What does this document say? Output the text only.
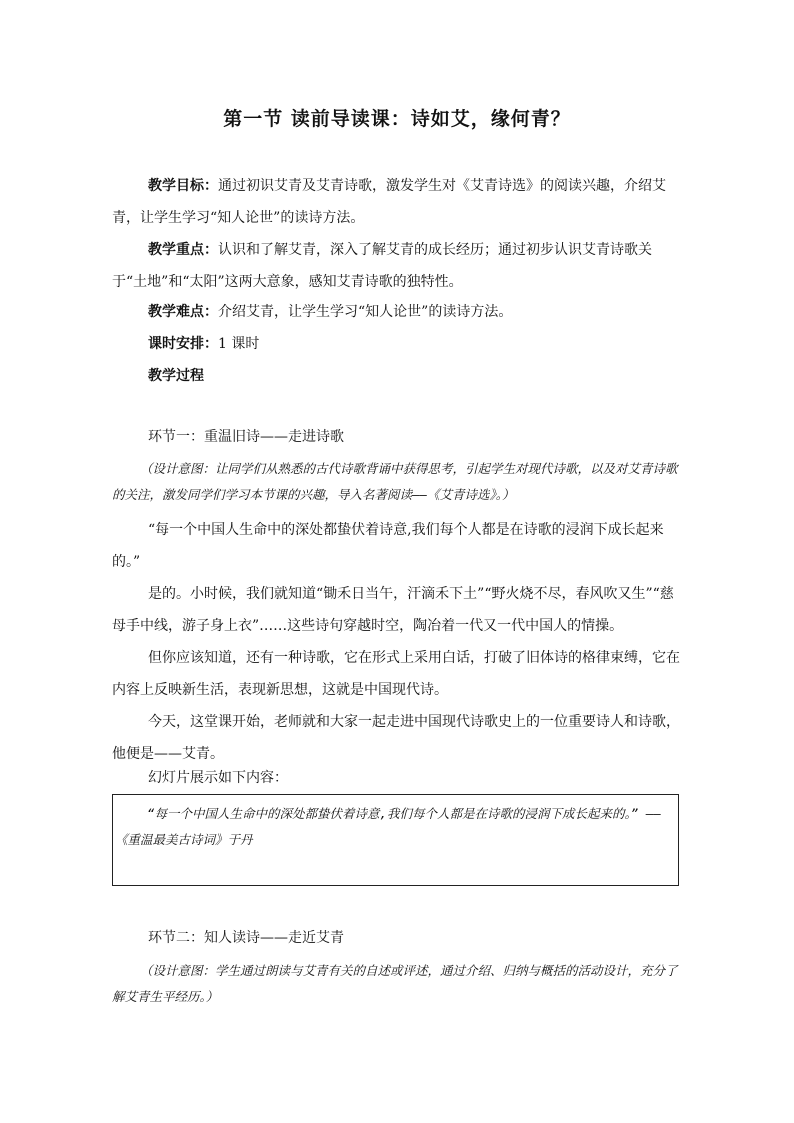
第一节 读前导读课：诗如艾，缘何青？
教学目标：通过初识艾青及艾青诗歌，激发学生对《艾青诗选》的阅读兴趣，介绍艾青，让学生学习“知人论世”的读诗方法。
教学重点：认识和了解艾青，深入了解艾青的成长经历；通过初步认识艾青诗歌关于“土地”和“太阳”这两大意象，感知艾青诗歌的独特性。
教学难点：介绍艾青，让学生学习“知人论世”的读诗方法。
课时安排：1 课时
教学过程
环节一：重温旧诗——走进诗歌
（设计意图：让同学们从熟悉的古代诗歌背诵中获得思考，引起学生对现代诗歌，以及对艾青诗歌的关注，激发同学们学习本节课的兴趣，导入名著阅读——《艾青诗选》。）
“每一个中国人生命中的深处都蛰伏着诗意,我们每个人都是在诗歌的浸润下成长起来的。”
是的。小时候，我们就知道“锄禾日当午，汗滴禾下土”“野火烧不尽，春风吹又生”“慈母手中线，游子身上衣”……这些诗句穿越时空，陶冶着一代又一代中国人的情操。
但你应该知道，还有一种诗歌，它在形式上采用白话，打破了旧体诗的格律束缚，它在内容上反映新生活，表现新思想，这就是中国现代诗。
今天，这堂课开始，老师就和大家一起走进中国现代诗歌史上的一位重要诗人和诗歌，他便是——艾青。
幻灯片展示如下内容：
“每一个中国人生命中的深处都蛰伏着诗意,我们每个人都是在诗歌的浸润下成长起来的。” ——《重温最美古诗词》于丹
环节二：知人读诗——走近艾青
（设计意图：学生通过朗读与艾青有关的自述或评述，通过介绍、归纳与概括的活动设计，充分了解艾青生平经历。）
